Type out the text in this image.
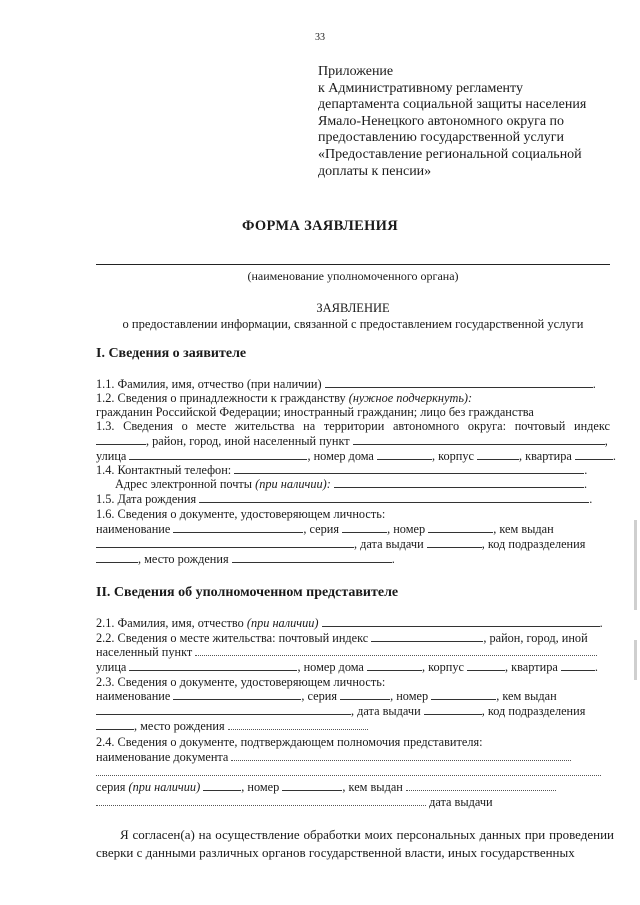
33
Приложение
к Административному регламенту
департамента социальной защиты населения
Ямало-Ненецкого автономного округа по
предоставлению государственной услуги
«Предоставление региональной социальной
доплаты к пенсии»
ФОРМА ЗАЯВЛЕНИЯ
(наименование уполномоченного органа)
ЗАЯВЛЕНИЕ
о предоставлении информации, связанной с предоставлением государственной услуги
I. Сведения о заявителе
1.1. Фамилия, имя, отчество (при наличии)	.
1.2. Сведения о принадлежности к гражданству (нужное подчеркнуть):
гражданин Российской Федерации; иностранный гражданин; лицо без гражданства
1.3. Сведения о месте жительства на территории автономного округа: почтовый индекс
, район, город, иной населенный пункт	,
улица	, номер дома	, корпус	, квартира	.
1.4. Контактный телефон:	.
Адрес электронной почты (при наличии):	.
1.5. Дата рождения	.
1.6. Сведения о документе, удостоверяющем личность:
наименование	, серия	, номер	, кем выдан
, дата выдачи	, код подразделения
, место рождения	.
II. Сведения об уполномоченном представителе
2.1. Фамилия, имя, отчество (при наличии)	.
2.2. Сведения о месте жительства: почтовый индекс	, район, город, иной
населенный пункт
улица	, номер дома	, корпус	, квартира	.
2.3. Сведения о документе, удостоверяющем личность:
наименование	, серия	, номер	, кем выдан
, дата выдачи	, код подразделения
, место рождения
2.4. Сведения о документе, подтверждающем полномочия представителя:
наименование документа
серия (при наличии)	, номер	, кем выдан
дата выдачи
Я согласен(а) на осуществление обработки моих персональных данных при проведении сверки с данными различных органов государственной власти, иных государственных
